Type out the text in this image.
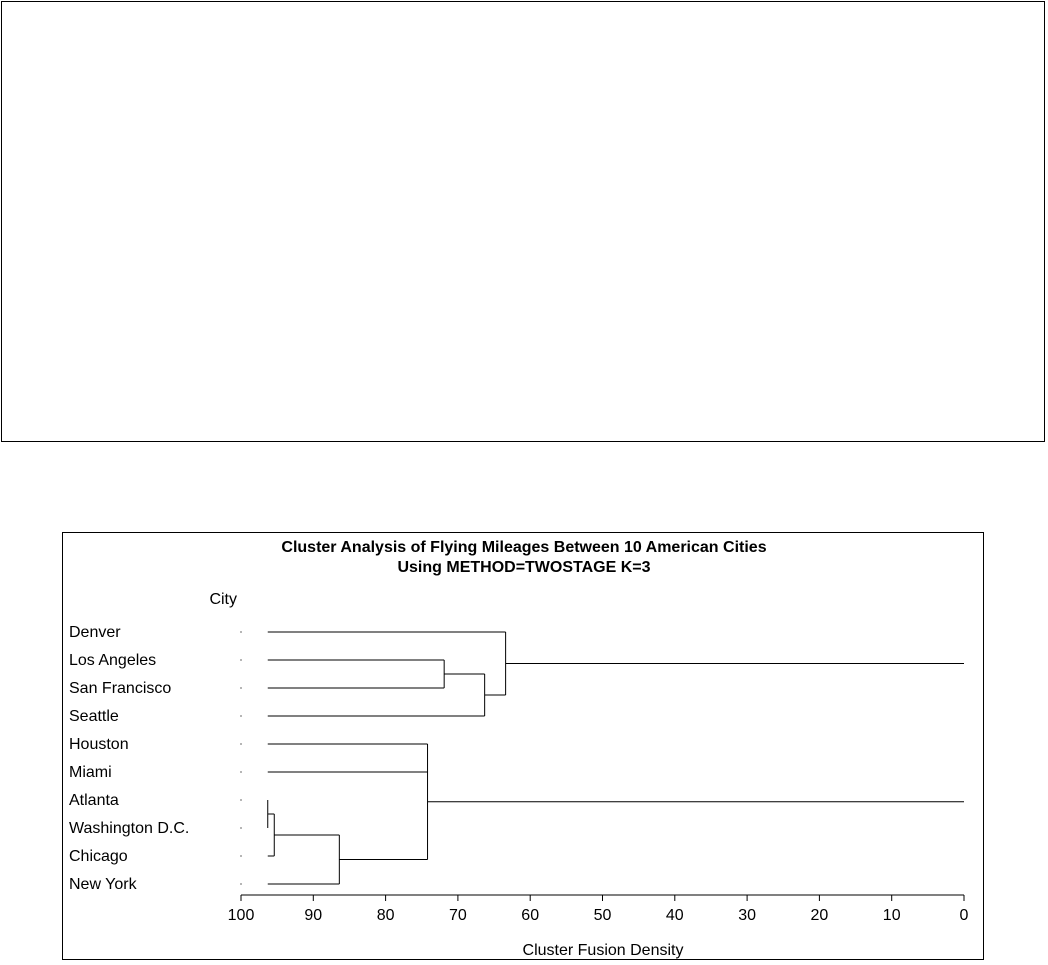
Cluster Analysis of Flying Mileages Between 10 American Cities
Using METHOD=TWOSTAGE K=3
City
Cluster Fusion Density
Denver
Los Angeles
San Francisco
Seattle
Houston
Miami
Atlanta
Washington D.C.
Chicago
New York
100	90	80	70	60	50	40	30	20	10	0
